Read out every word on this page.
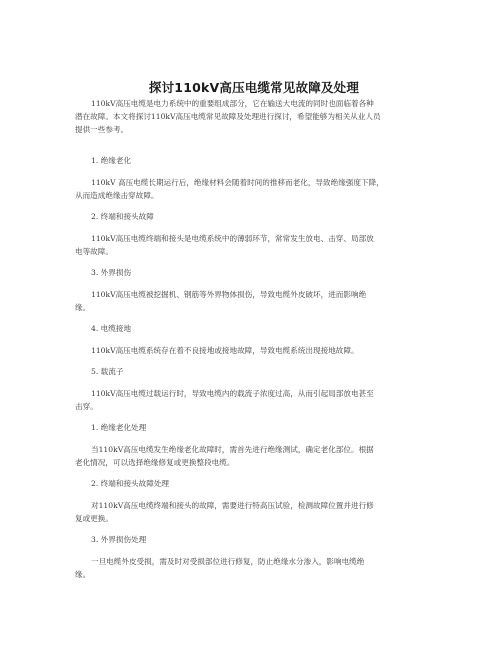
探讨110kV高压电缆常见故障及处理
110kV高压电缆是电力系统中的重要组成部分，它在输送大电流的同时也面临着各种
潜在故障。本文将探讨110kV高压电缆常见故障及处理进行探讨，希望能够为相关从业人员
提供一些参考。
1. 绝缘老化
110kV 高压电缆长期运行后，绝缘材料会随着时间的推移而老化，导致绝缘强度下降，
从而造成绝缘击穿故障。
2. 终端和接头故障
110kV高压电缆终端和接头是电缆系统中的薄弱环节，常常发生放电、击穿、局部放
电等故障。
3. 外界损伤
110kV高压电缆被挖掘机、钢筋等外界物体损伤，导致电缆外皮破坏，进而影响绝
缘。
4. 电缆接地
110kV高压电缆系统存在着不良接地或接地故障，导致电缆系统出现接地故障。
5. 载流子
110kV高压电缆过载运行时，导致电缆内的载流子浓度过高，从而引起局部放电甚至
击穿。
1. 绝缘老化处理
当110kV高压电缆发生绝缘老化故障时，需首先进行绝缘测试，确定老化部位。根据
老化情况，可以选择绝缘修复或更换整段电缆。
2. 终端和接头故障处理
对110kV高压电缆终端和接头的故障，需要进行特高压试验，检测故障位置并进行修
复或更换。
3. 外界损伤处理
一旦电缆外皮受损，需及时对受损部位进行修复，防止绝缘水分渗入，影响电缆绝
缘。
